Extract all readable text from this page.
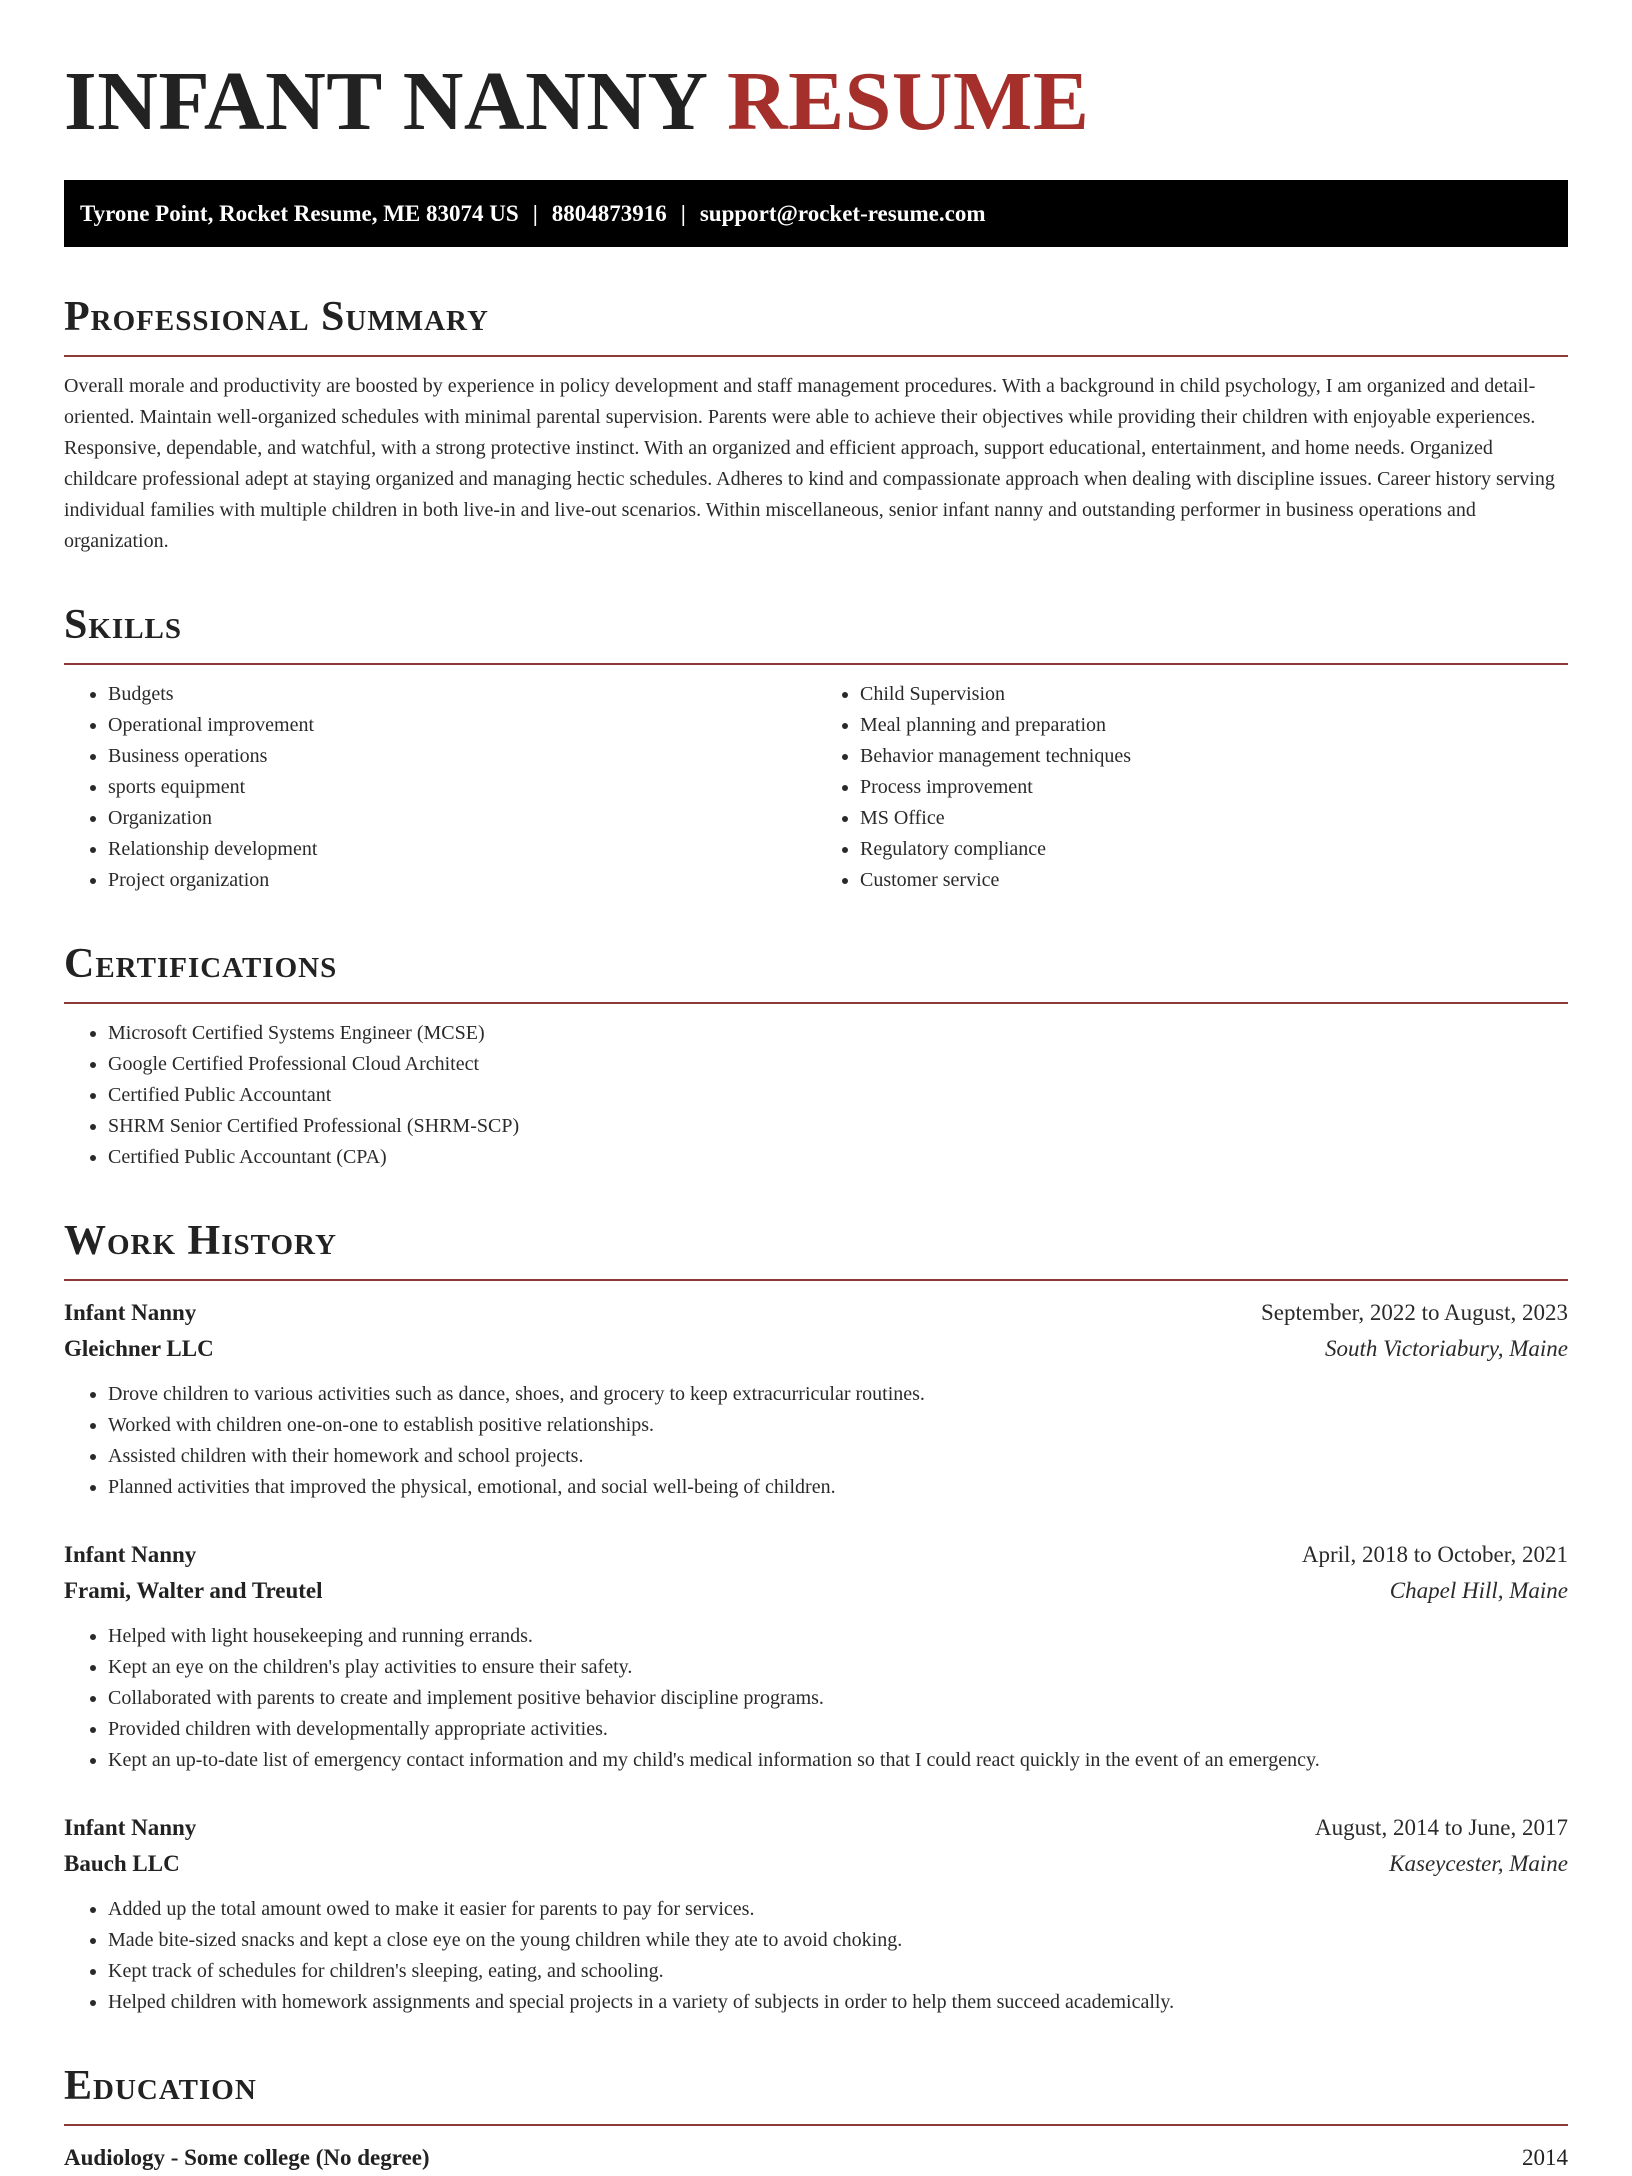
INFANT NANNY RESUME
Tyrone Point, Rocket Resume, ME 83074 US | 8804873916 | support@rocket-resume.com
Professional Summary

Overall morale and productivity are boosted by experience in policy development and staff management procedures. With a background in child psychology, I am organized and detail-oriented. Maintain well-organized schedules with minimal parental supervision. Parents were able to achieve their objectives while providing their children with enjoyable experiences. Responsive, dependable, and watchful, with a strong protective instinct. With an organized and efficient approach, support educational, entertainment, and home needs. Organized childcare professional adept at staying organized and managing hectic schedules. Adheres to kind and compassionate approach when dealing with discipline issues. Career history serving individual families with multiple children in both live-in and live-out scenarios. Within miscellaneous, senior infant nanny and outstanding performer in business operations and organization.

Skills
• Budgets
• Operational improvement
• Business operations
• sports equipment
• Organization
• Relationship development
• Project organization
• Child Supervision
• Meal planning and preparation
• Behavior management techniques
• Process improvement
• MS Office
• Regulatory compliance
• Customer service
Certifications
• Microsoft Certified Systems Engineer (MCSE)
• Google Certified Professional Cloud Architect
• Certified Public Accountant
• SHRM Senior Certified Professional (SHRM-SCP)
• Certified Public Accountant (CPA)
Work History
Infant Nanny	September, 2022 to August, 2023
Gleichner LLC	South Victoriabury, Maine
• Drove children to various activities such as dance, shoes, and grocery to keep extracurricular routines.
• Worked with children one-on-one to establish positive relationships.
• Assisted children with their homework and school projects.
• Planned activities that improved the physical, emotional, and social well-being of children.
Infant Nanny	April, 2018 to October, 2021
Frami, Walter and Treutel	Chapel Hill, Maine
• Helped with light housekeeping and running errands.
• Kept an eye on the children's play activities to ensure their safety.
• Collaborated with parents to create and implement positive behavior discipline programs.
• Provided children with developmentally appropriate activities.
• Kept an up-to-date list of emergency contact information and my child's medical information so that I could react quickly in the event of an emergency.
Infant Nanny	August, 2014 to June, 2017
Bauch LLC	Kaseycester, Maine
• Added up the total amount owed to make it easier for parents to pay for services.
• Made bite-sized snacks and kept a close eye on the young children while they ate to avoid choking.
• Kept track of schedules for children's sleeping, eating, and schooling.
• Helped children with homework assignments and special projects in a variety of subjects in order to help them succeed academically.
Education
Audiology - Some college (No degree)	2014
